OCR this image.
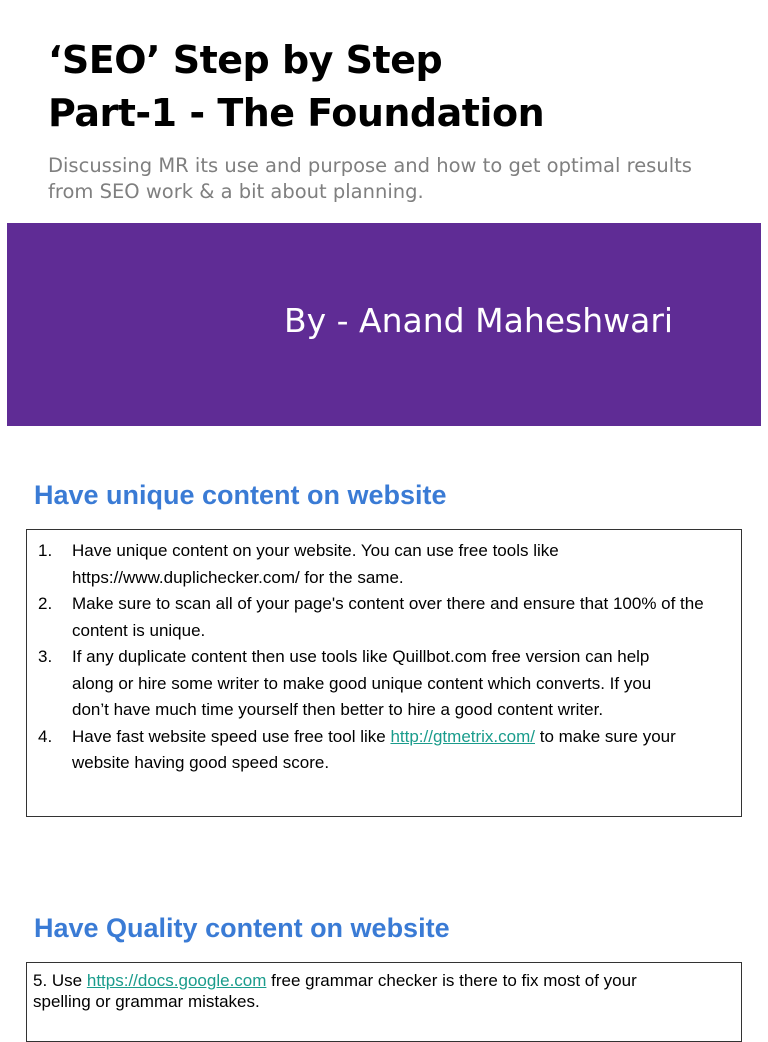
‘SEO’ Step by Step
Part-1 - The Foundation

Discussing MR its use and purpose and how to get optimal results
from SEO work & a bit about planning.

By - Anand Maheshwari

Have unique content on website
1. Have unique content on your website. You can use free tools like
https://www.duplichecker.com/ for the same.
2. Make sure to scan all of your page's content over there and ensure that 100% of the
content is unique.
3. If any duplicate content then use tools like Quillbot.com free version can help
along or hire some writer to make good unique content which converts. If you
don’t have much time yourself then better to hire a good content writer.
4. Have fast website speed use free tool like http://gtmetrix.com/ to make sure your
website having good speed score.
Have Quality content on website

5. Use https://docs.google.com free grammar checker is there to fix most of your
spelling or grammar mistakes.
